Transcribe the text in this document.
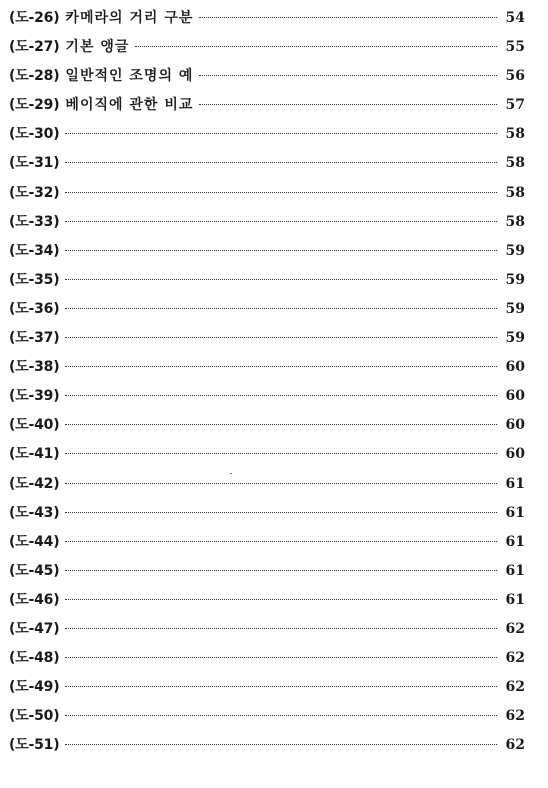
(도-26) 카메라의 거리 구분	54
(도-27) 기본 앵글	55
(도-28) 일반적인 조명의 예	56
(도-29) 베이직에 관한 비교	57
(도-30)	58
(도-31)	58
(도-32)	58
(도-33)	58
(도-34)	59
(도-35)	59
(도-36)	59
(도-37)	59
(도-38)	60
(도-39)	60
(도-40)	60
(도-41)	60
(도-42)	61
(도-43)	61
(도-44)	61
(도-45)	61
(도-46)	61
(도-47)	62
(도-48)	62
(도-49)	62
(도-50)	62
(도-51)	62
